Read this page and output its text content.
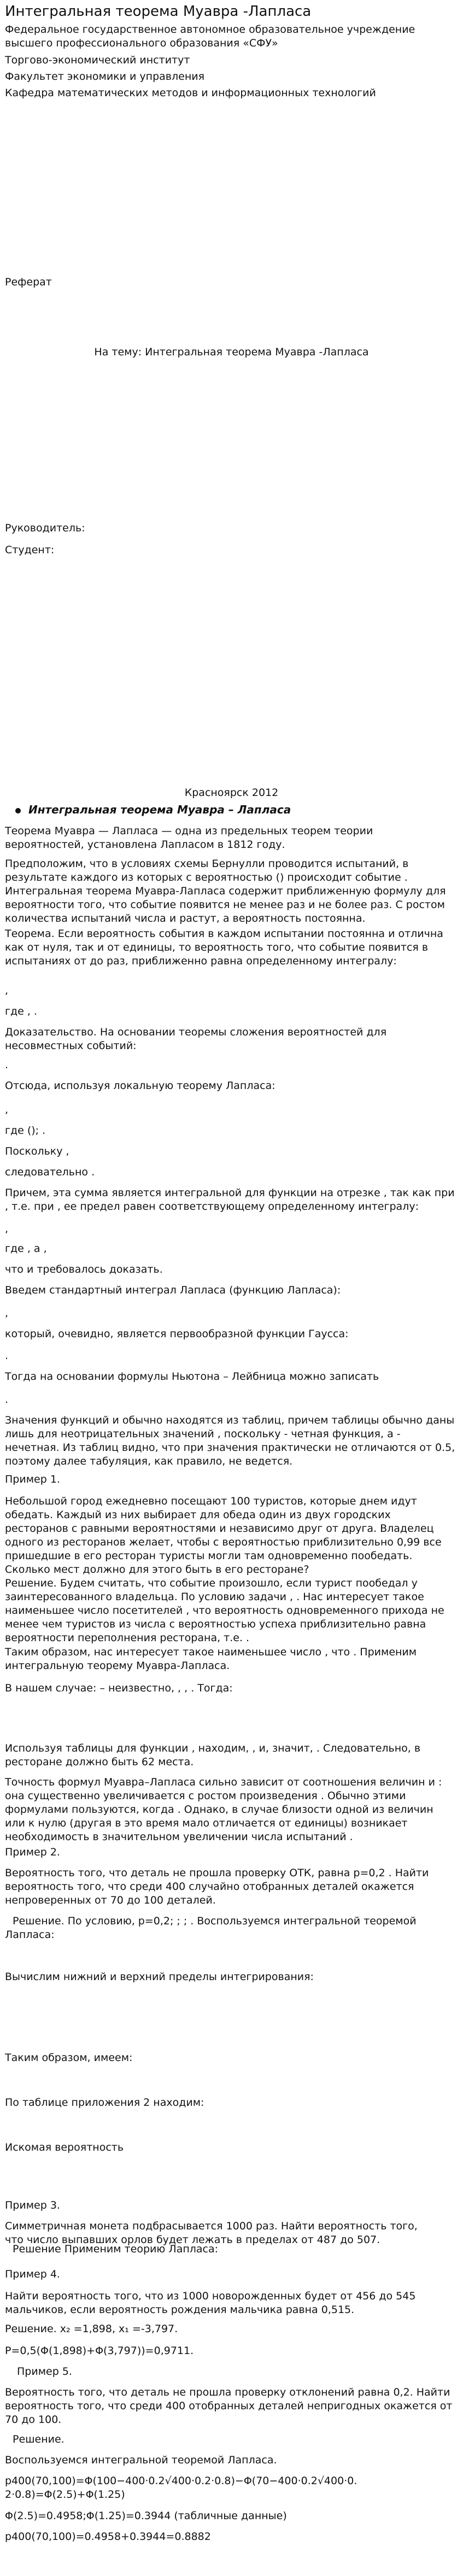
Интегральная теорема Муавра -Лапласа
Федеральное государственное автономное образовательное учреждение
высшего профессионального образования «СФУ»
Торгово-экономический институт
Факультет экономики и управления
Кафедра математических методов и информационных технологий
Реферат
На тему: Интегральная теорема Муавра -Лапласа
Руководитель:
Студент:
Красноярск 2012
Интегральная теорема Муавра – Лапласа
Теорема Муавра — Лапласа — одна из предельных теорем теории вероятностей, установлена Лапласом в 1812 году.
Предположим, что в условиях схемы Бернулли проводится испытаний, в результате каждого из которых с вероятностью () происходит событие . Интегральная теорема Муавра-Лапласа содержит приближенную формулу для вероятности того, что событие появится не менее раз и не более раз. С ростом количества испытаний числа и растут, а вероятность постоянна.
Теорема. Если вероятность события в каждом испытании постоянна и отлична как от нуля, так и от единицы, то вероятность того, что событие появится в испытаниях от до раз, приближенно равна определенному интегралу:
,
где , .
Доказательство. На основании теоремы сложения вероятностей для несовместных событий:
.
Отсюда, используя локальную теорему Лапласа:
,
где (); .
Поскольку ,
следовательно .
Причем, эта сумма является интегральной для функции на отрезке , так как при , т.е. при , ее предел равен соответствующему определенному интегралу:
,
где , а ,
что и требовалось доказать.
Введем стандартный интеграл Лапласа (функцию Лапласа):
,
который, очевидно, является первообразной функции Гаусса:
.
Тогда на основании формулы Ньютона – Лейбница можно записать
.
Значения функций и обычно находятся из таблиц, причем таблицы обычно даны лишь для неотрицательных значений , поскольку - четная функция, а - нечетная. Из таблиц видно, что при значения практически не отличаются от 0.5, поэтому далее табуляция, как правило, не ведется.
Пример 1.
Небольшой город ежедневно посещают 100 туристов, которые днем идут обедать. Каждый из них выбирает для обеда один из двух городских ресторанов с равными вероятностями и независимо друг от друга. Владелец одного из ресторанов желает, чтобы с вероятностью приблизительно 0,99 все пришедшие в его ресторан туристы могли там одновременно пообедать. Сколько мест должно для этого быть в его ресторане?
Решение. Будем считать, что событие произошло, если турист пообедал у заинтересованного владельца. По условию задачи , . Нас интересует такое наименьшее число посетителей , что вероятность одновременного прихода не менее чем туристов из числа с вероятностью успеха приблизительно равна вероятности переполнения ресторана, т.е. .
Таким образом, нас интересует такое наименьшее число , что . Применим интегральную теорему Муавра-Лапласа.
В нашем случае: – неизвестно, , , . Тогда:
Используя таблицы для функции , находим, , и, значит, . Следовательно, в ресторане должно быть 62 места.
Точность формул Муавра–Лапласа сильно зависит от соотношения величин и : она существенно увеличивается с ростом произведения . Обычно этими формулами пользуются, когда . Однако, в случае близости одной из величин или к нулю (другая в это время мало отличается от единицы) возникает необходимость в значительном увеличении числа испытаний .
Пример 2.
Вероятность того, что деталь не прошла проверку ОТК, равна p=0,2 . Найти вероятность того, что среди 400 случайно отобранных деталей окажется непроверенных от 70 до 100 деталей.
Решение. По условию, p=0,2; ; ; . Воспользуемся интегральной теоремой Лапласа:
Вычислим нижний и верхний пределы интегрирования:
Таким образом, имеем:
По таблице приложения 2 находим:
Искомая вероятность
Пример 3.
Симметричная монета подбрасывается 1000 раз. Найти вероятность того,
что число выпавших орлов будет лежать в пределах от 487 до 507.
Решение Применим теорию Лапласа:
Пример 4.
Найти вероятность того, что из 1000 новорожденных будет от 456 до 545 мальчиков, если вероятность рождения мальчика равна 0,515.
Решение. x₂ =1,898, x₁ =-3,797.
P=0,5(Φ(1,898)+Φ(3,797))=0,9711.
Пример 5.
Вероятность того, что деталь не прошла проверку отклонений равна 0,2. Найти вероятность того, что среди 400 отобранных деталей непригодных окажется от 70 до 100.
Решение.
Воспользуемся интегральной теоремой Лапласа.
p400(70,100)=Φ(100−400·0.2√400·0.2·0.8)−Φ(70−400·0.2√400·0.
2·0.8)=Φ(2.5)+Φ(1.25)
Φ(2.5)=0.4958;Φ(1.25)=0.3944 (табличные данные)
p400(70,100)=0.4958+0.3944=0.8882
